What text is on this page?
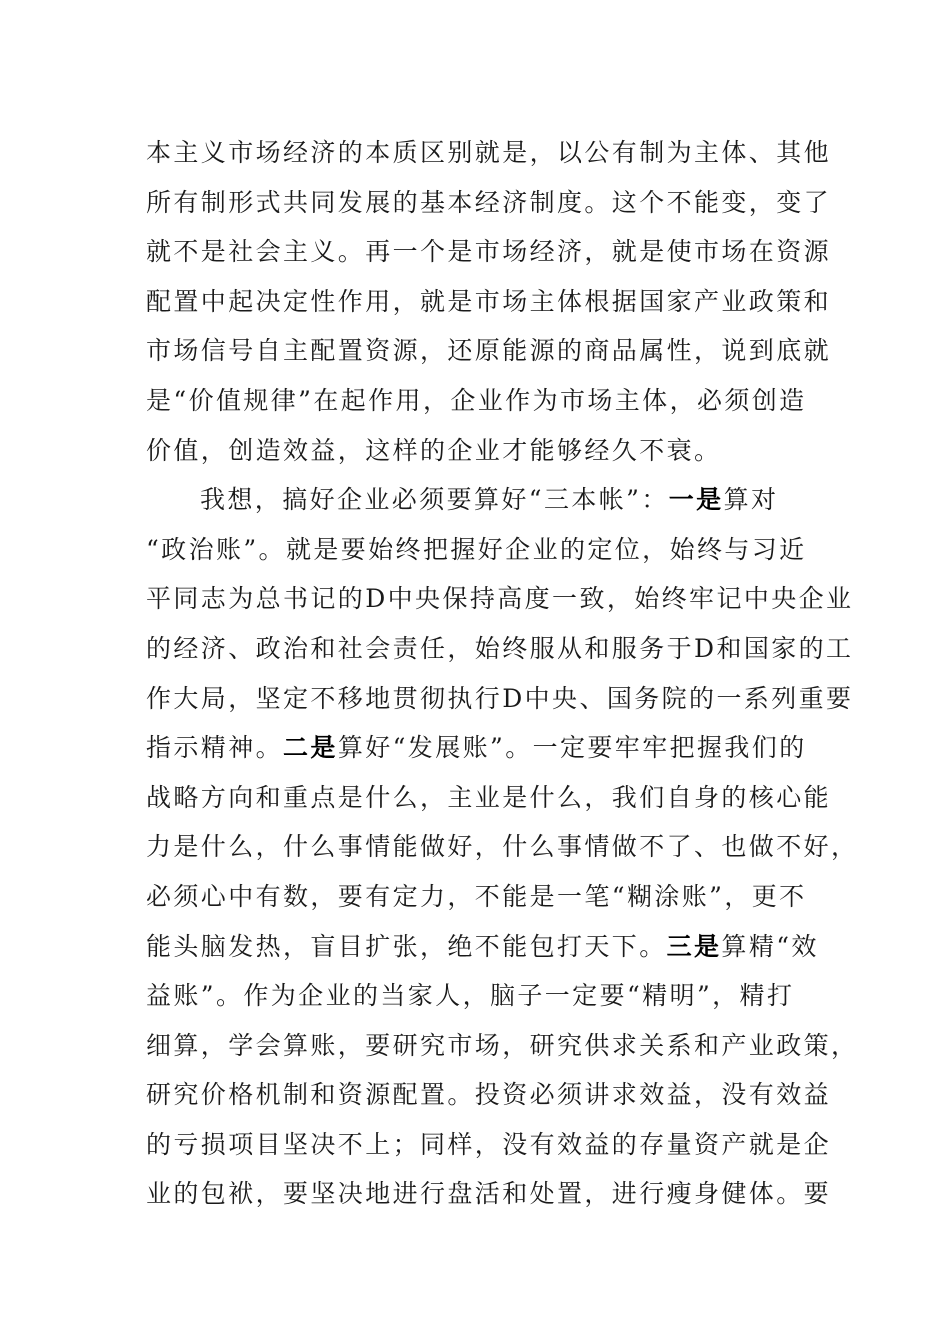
本主义市场经济的本质区别就是，以公有制为主体、其他
所有制形式共同发展的基本经济制度。这个不能变，变了
就不是社会主义。再一个是市场经济，就是使市场在资源
配置中起决定性作用，就是市场主体根据国家产业政策和
市场信号自主配置资源，还原能源的商品属性，说到底就
是“价值规律”在起作用，企业作为市场主体，必须创造
价值，创造效益，这样的企业才能够经久不衰。
我想，搞好企业必须要算好“三本帐”：一是算对
“政治账”。就是要始终把握好企业的定位，始终与习近
平同志为总书记的D中央保持高度一致，始终牢记中央企业
的经济、政治和社会责任，始终服从和服务于D和国家的工
作大局，坚定不移地贯彻执行D中央、国务院的一系列重要
指示精神。二是算好“发展账”。一定要牢牢把握我们的
战略方向和重点是什么，主业是什么，我们自身的核心能
力是什么，什么事情能做好，什么事情做不了、也做不好，
必须心中有数，要有定力，不能是一笔“糊涂账”，更不
能头脑发热，盲目扩张，绝不能包打天下。三是算精“效
益账”。作为企业的当家人，脑子一定要“精明”，精打
细算，学会算账，要研究市场，研究供求关系和产业政策，
研究价格机制和资源配置。投资必须讲求效益，没有效益
的亏损项目坚决不上；同样，没有效益的存量资产就是企
业的包袱，要坚决地进行盘活和处置，进行瘦身健体。要
